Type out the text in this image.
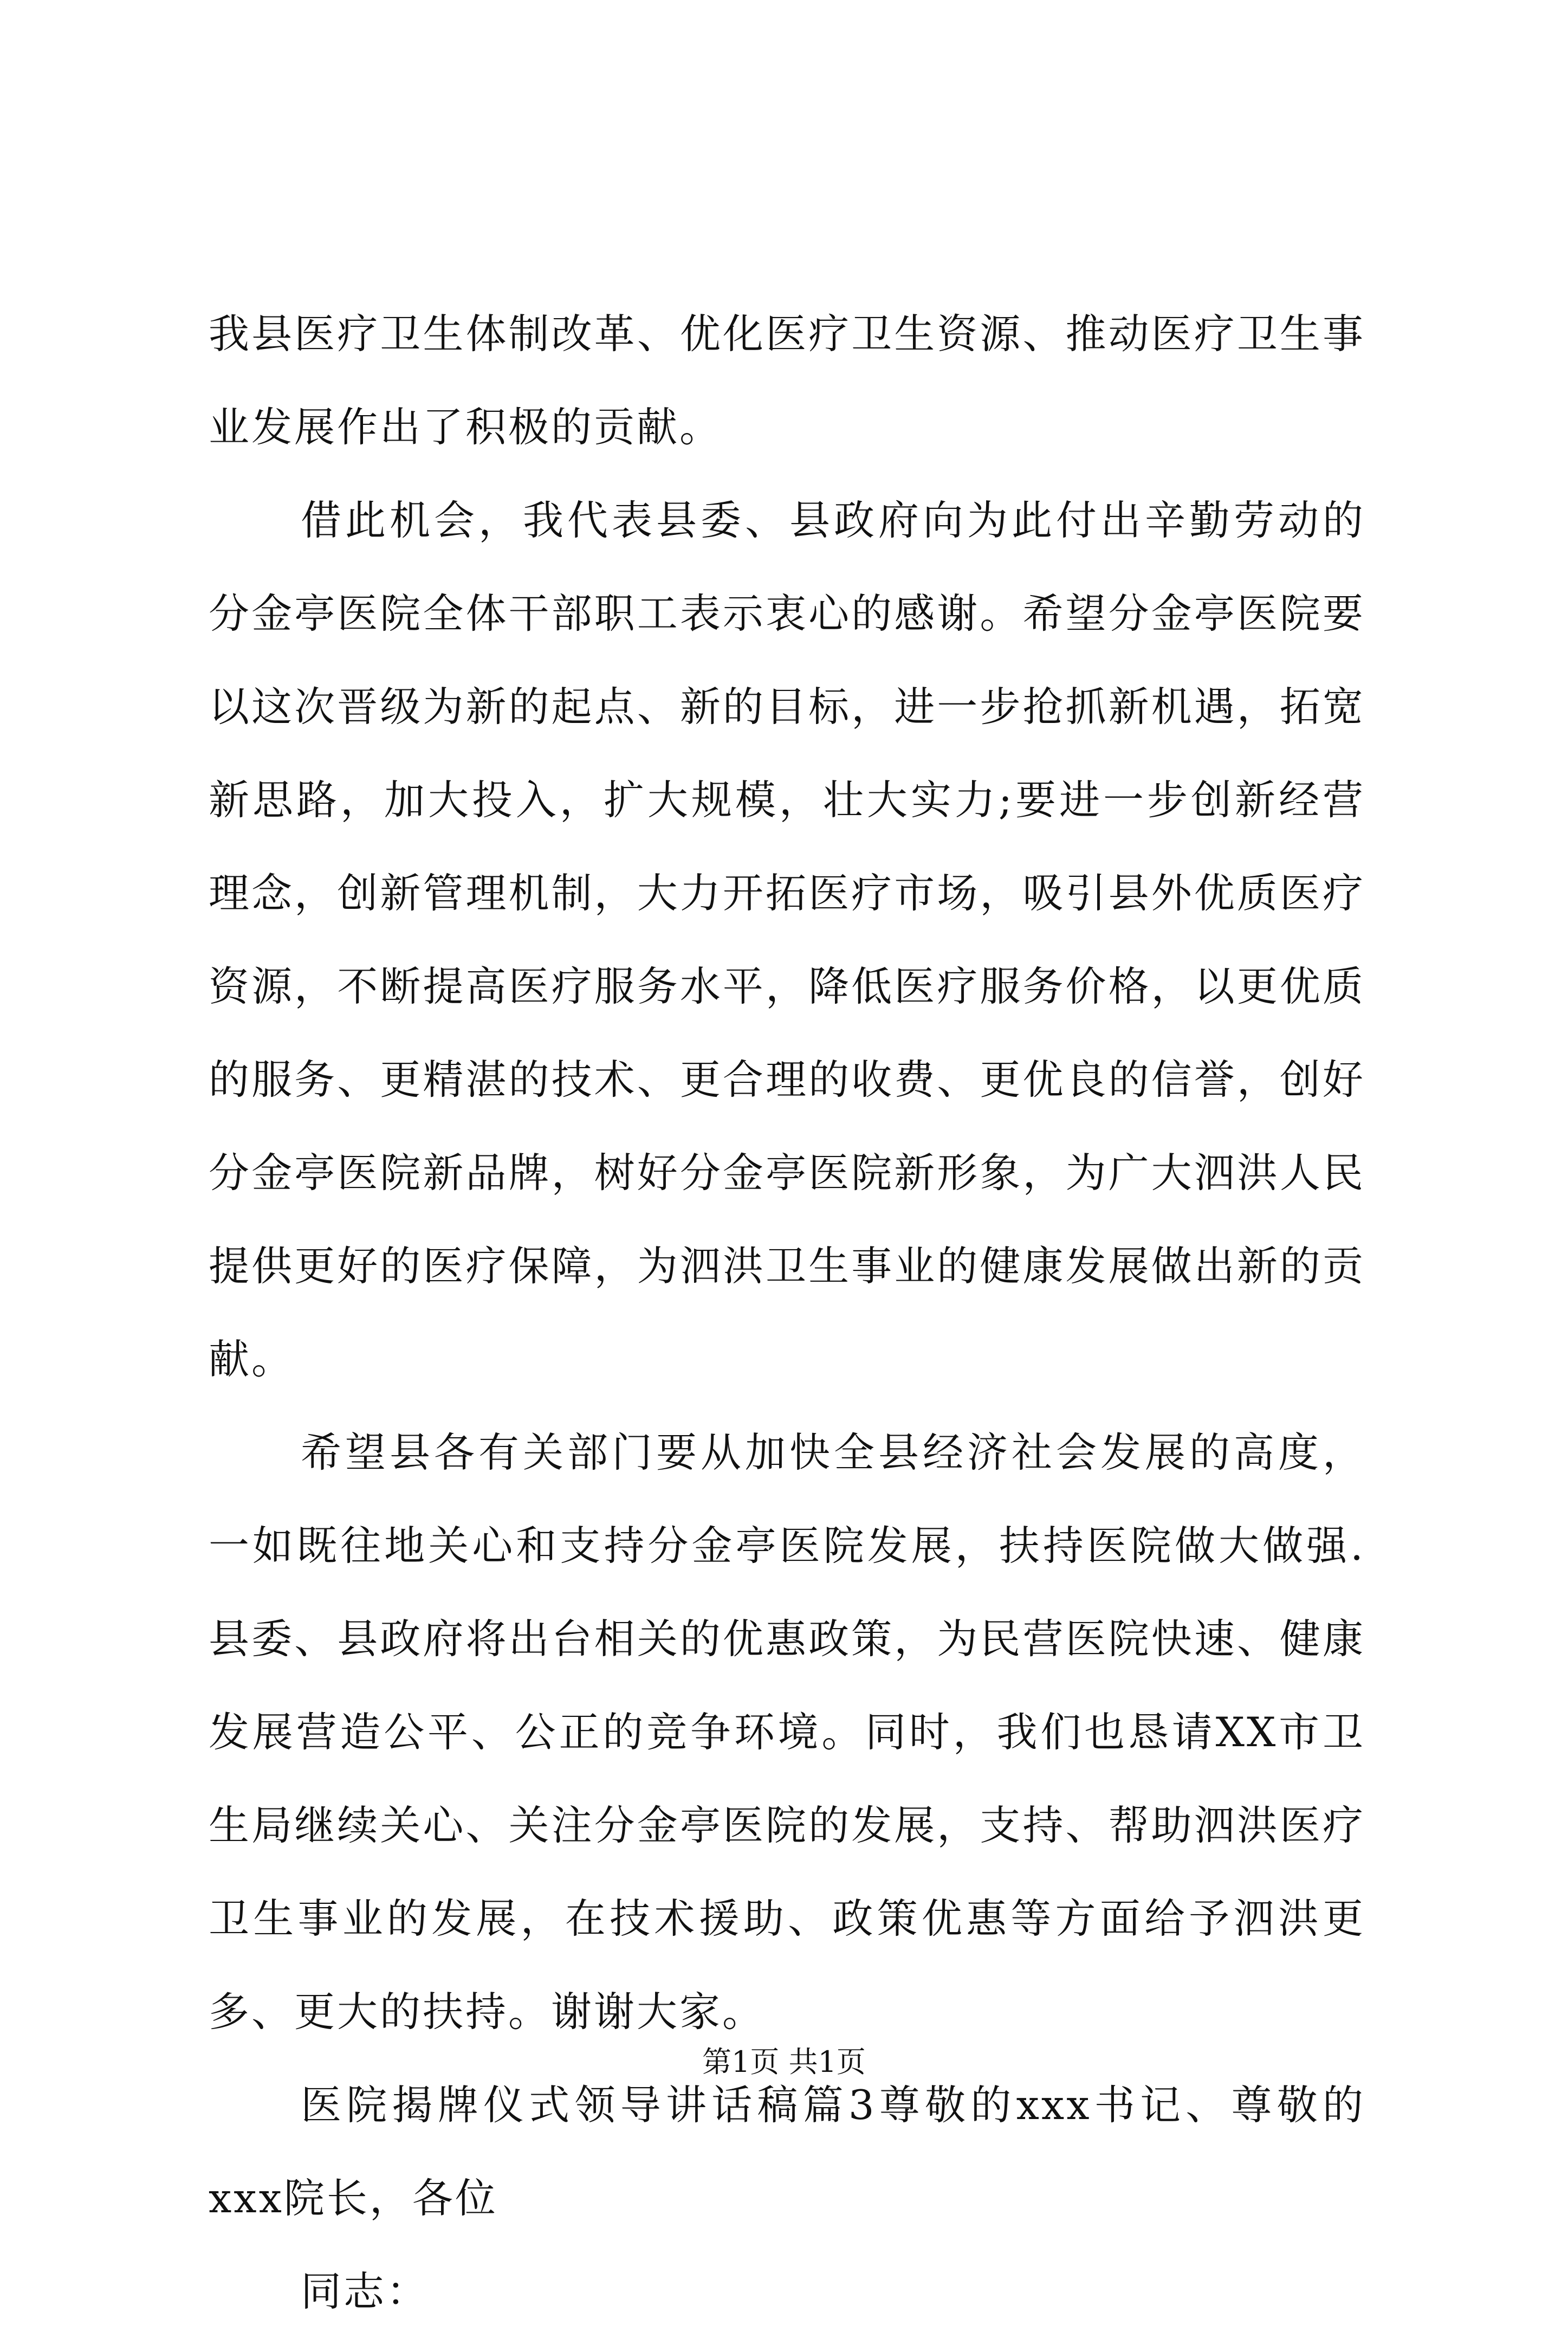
我县医疗卫生体制改革、优化医疗卫生资源、推动医疗卫生事业发展作出了积极的贡献。

借此机会，我代表县委、县政府向为此付出辛勤劳动的分金亭医院全体干部职工表示衷心的感谢。希望分金亭医院要以这次晋级为新的起点、新的目标，进一步抢抓新机遇，拓宽新思路，加大投入，扩大规模，壮大实力;要进一步创新经营理念，创新管理机制，大力开拓医疗市场，吸引县外优质医疗资源，不断提高医疗服务水平，降低医疗服务价格，以更优质的服务、更精湛的技术、更合理的收费、更优良的信誉，创好分金亭医院新品牌，树好分金亭医院新形象，为广大泗洪人民提供更好的医疗保障，为泗洪卫生事业的健康发展做出新的贡献。

希望县各有关部门要从加快全县经济社会发展的高度，一如既往地关心和支持分金亭医院发展，扶持医院做大做强.县委、县政府将出台相关的优惠政策，为民营医院快速、健康发展营造公平、公正的竞争环境。同时，我们也恳请XX市卫生局继续关心、关注分金亭医院的发展，支持、帮助泗洪医疗卫生事业的发展，在技术援助、政策优惠等方面给予泗洪更多、更大的扶持。谢谢大家。

医院揭牌仪式领导讲话稿篇3尊敬的xxx书记、尊敬的xxx院长，各位

同志：

第1页 共1页
